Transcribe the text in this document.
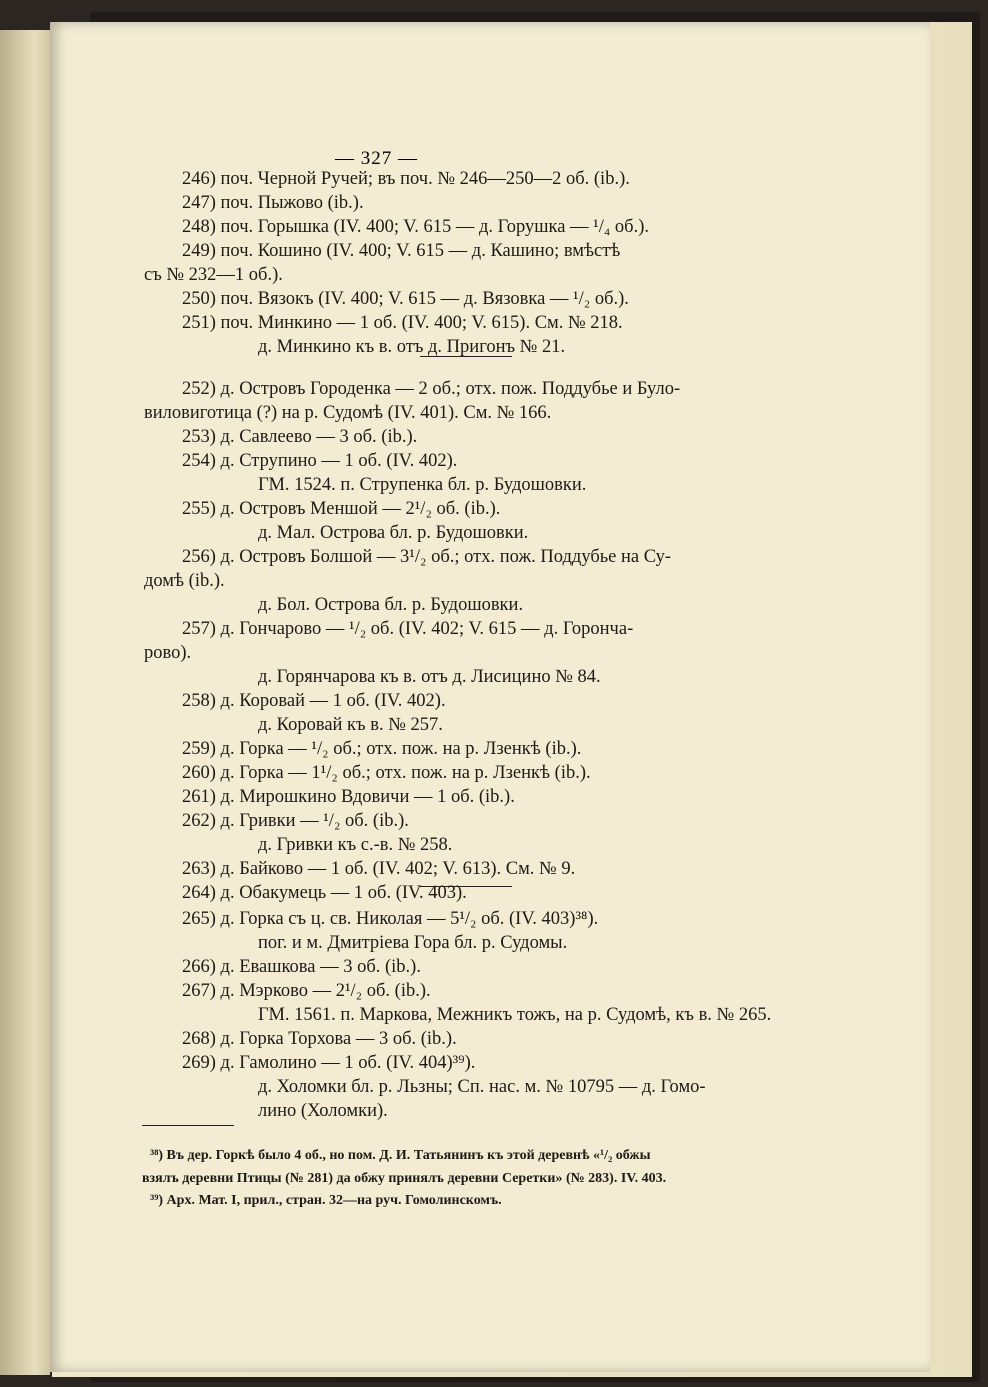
— 327 —
246) поч. Черной Ручей; въ поч. № 246—250—2 об. (ib.).
247) поч. Пыжово (ib.).
248) поч. Горышка (IV. 400; V. 615 — д. Горушка — ¹/₄ об.).
249) поч. Кошино (IV. 400; V. 615 — д. Кашино; вмѣстѣ
съ № 232—1 об.).
250) поч. Вязокъ (IV. 400; V. 615 — д. Вязовка — ¹/₂ об.).
251) поч. Минкино — 1 об. (IV. 400; V. 615). См. № 218.
д. Минкино къ в. отъ д. Пригонъ № 21.
252) д. Островъ Городенка — 2 об.; отх. пож. Поддубье и Було-
виловиготица (?) на р. Судомѣ (IV. 401). См. № 166.
253) д. Савлеево — 3 об. (ib.).
254) д. Струпино — 1 об. (IV. 402).
ГМ. 1524. п. Струпенка бл. р. Будошовки.
255) д. Островъ Меншой — 2¹/₂ об. (ib.).
д. Мал. Острова бл. р. Будошовки.
256) д. Островъ Болшой — 3¹/₂ об.; отх. пож. Поддубье на Су-
домѣ (ib.).
д. Бол. Острова бл. р. Будошовки.
257) д. Гончарово — ¹/₂ об. (IV. 402; V. 615 — д. Горонча-
рово).
д. Горянчарова къ в. отъ д. Лисицино № 84.
258) д. Коровай — 1 об. (IV. 402).
д. Коровай къ в. № 257.
259) д. Горка — ¹/₂ об.; отх. пож. на р. Лзенкѣ (ib.).
260) д. Горка — 1¹/₂ об.; отх. пож. на р. Лзенкѣ (ib.).
261) д. Мирошкино Вдовичи — 1 об. (ib.).
262) д. Гривки — ¹/₂ об. (ib.).
д. Гривки къ с.-в. № 258.
263) д. Байково — 1 об. (IV. 402; V. 613). См. № 9.
264) д. Обакумець — 1 об. (IV. 403).
265) д. Горка съ ц. св. Николая — 5¹/₂ об. (IV. 403)³⁸).
пог. и м. Дмитріева Гора бл. р. Судомы.
266) д. Евашкова — 3 об. (ib.).
267) д. Мэрково — 2¹/₂ об. (ib.).
ГМ. 1561. п. Маркова, Межникъ тожъ, на р. Судомѣ, къ в. № 265.
268) д. Горка Торхова — 3 об. (ib.).
269) д. Гамолино — 1 об. (IV. 404)³⁹).
д. Холомки бл. р. Льзны; Сп. нас. м. № 10795 — д. Гомо-
лино (Холомки).
³⁸) Въ дер. Горкѣ было 4 об., но пом. Д. И. Татьянинъ къ этой деревнѣ «¹/₂ обжы
взялъ деревни Птицы (№ 281) да обжу принялъ деревни Серетки» (№ 283). IV. 403.
³⁹) Арх. Мат. I, прил., стран. 32—на руч. Гомолинскомъ.
